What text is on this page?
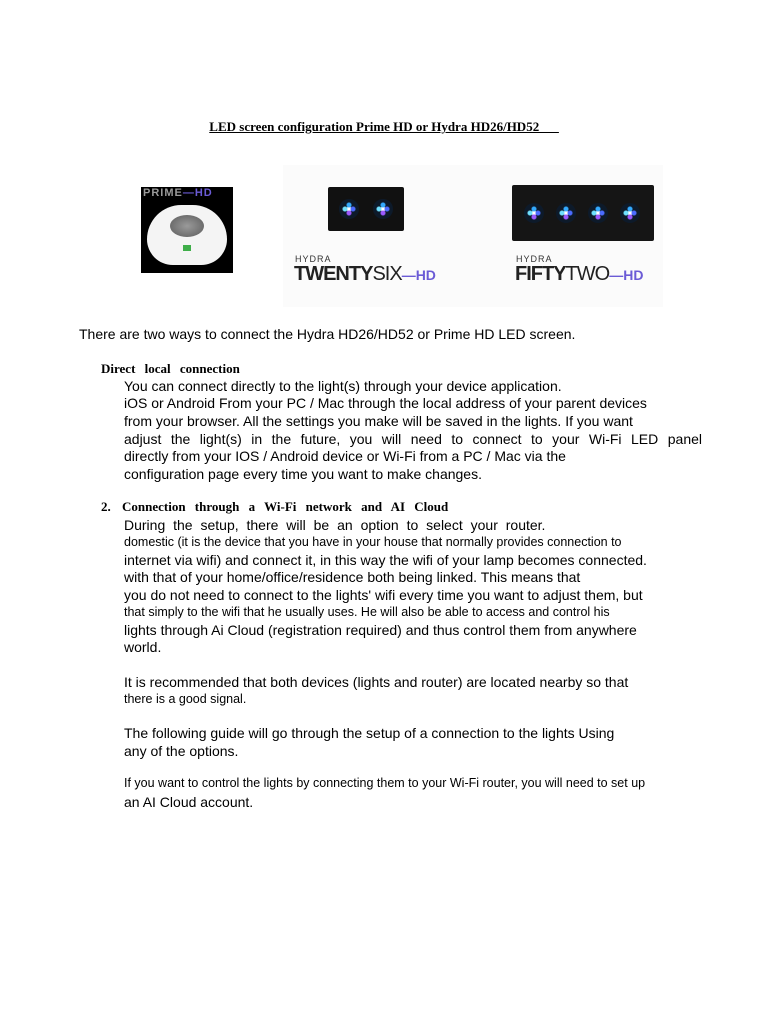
LED screen configuration Prime HD or Hydra HD26/HD52___
PRIME—HD
HYDRA
TWENTYSIX—HD
HYDRA
FIFTYTWO—HD
There are two ways to connect the Hydra HD26/HD52 or Prime HD LED screen.
Direct local connection
You can connect directly to the light(s) through your device application.
iOS or Android From your PC / Mac through the local address of your parent devices
from your browser. All the settings you make will be saved in the lights. If you want
adjust the light(s) in the future, you will need to connect to your Wi-Fi LED panel
directly from your IOS / Android device or Wi-Fi from a PC / Mac via the
configuration page every time you want to make changes.
2. Connection through a Wi-Fi network and AI Cloud
During the setup, there will be an option to select your router.
domestic (it is the device that you have in your house that normally provides connection to
internet via wifi) and connect it, in this way the wifi of your lamp becomes connected.
with that of your home/office/residence both being linked. This means that
you do not need to connect to the lights' wifi every time you want to adjust them, but
that simply to the wifi that he usually uses. He will also be able to access and control his
lights through Ai Cloud (registration required) and thus control them from anywhere
world.
It is recommended that both devices (lights and router) are located nearby so that
there is a good signal.
The following guide will go through the setup of a connection to the lights Using
any of the options.
If you want to control the lights by connecting them to your Wi-Fi router, you will need to set up
an AI Cloud account.
